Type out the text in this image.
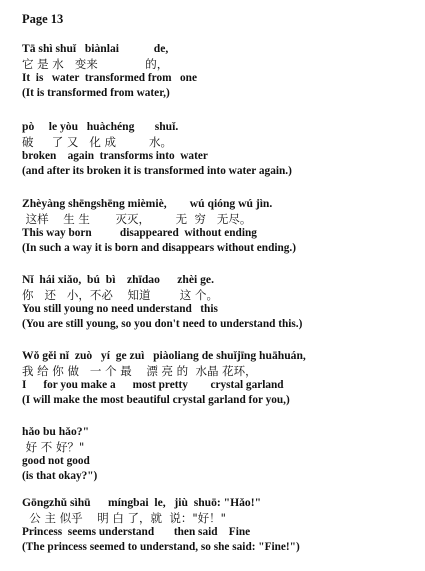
Page 13
Tā shì shuǐ   biànlai            de,
它 是 水   变来             的，
It  is   water  transformed from   one
(It is transformed from water,)
pò     le yòu   huàchéng       shuǐ.
破     了 又   化 成         水。
broken    again  transforms into  water
(and after its broken it is transformed into water again.)
Zhèyàng shēngshēng mièmiè,        wú qióng wú jìn.
这样    生 生       灭灭，       无  穷   无尽。
This way born          disappeared  without ending
(In such a way it is born and disappears without ending.)
Nǐ  hái xiǎo,  bú  bì    zhīdao      zhèi ge.
你   还   小，不必    知道        这 个。
You still young no need understand   this
(You are still young, so you don't need to understand this.)
Wǒ gěi nǐ  zuò   yí  ge zuì   piàoliang de shuǐjīng huāhuán,
我 给 你 做   一 个 最    漂 亮 的  水晶 花环，
I      for you make a      most pretty        crystal garland
(I will make the most beautiful crystal garland for you,)
hǎo bu hǎo?"
好 不 好？"
good not good
(is that okay?")
Gōngzhǔ sìhū      míngbai  le,   jiù  shuō: "Hǎo!"
公 主 似乎    明 白 了，就  说："好！"
Princess  seems understand       then said    Fine
(The princess seemed to understand, so she said: "Fine!")
